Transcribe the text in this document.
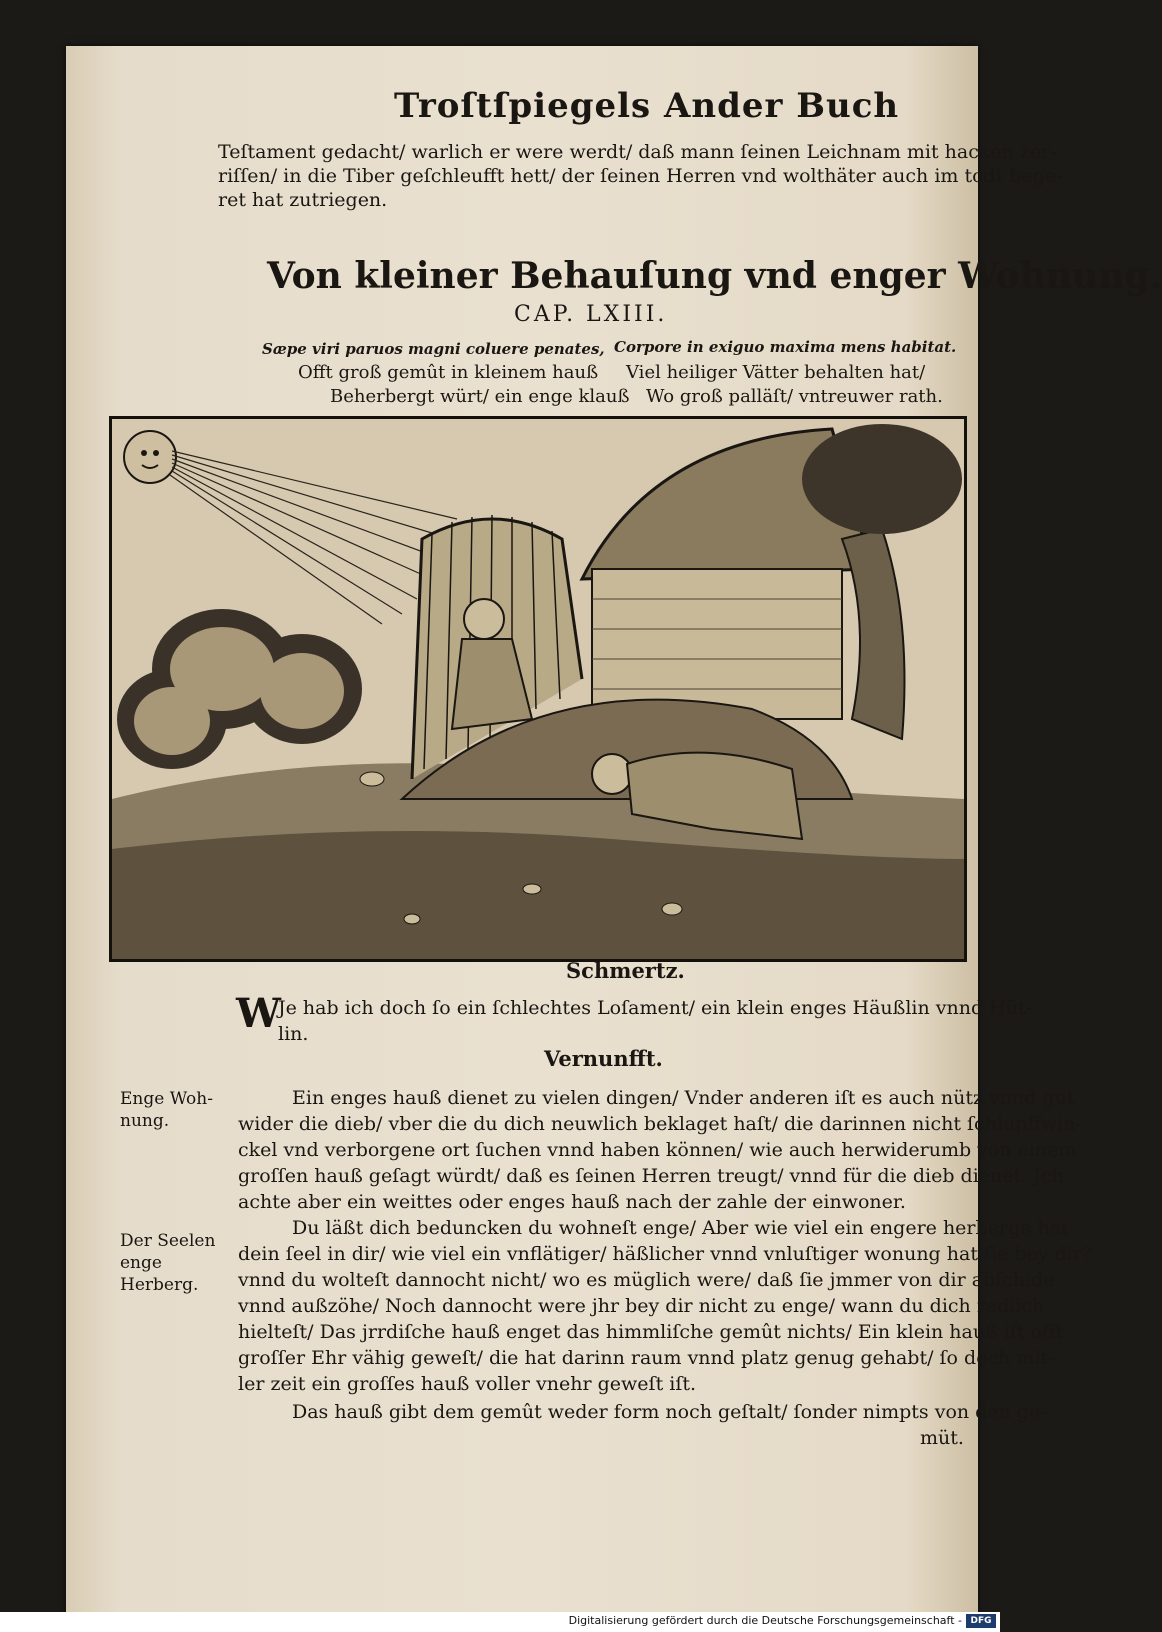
Troſtſpiegels Ander Buch
Teſtament gedacht/ warlich er were werdt/ daß mann ſeinen Leichnam mit hacken zer-
riſſen/ in die Tiber geſchleufft hett/ der ſeinen Herren vnd wolthäter auch im todt bege-
ret hat zutriegen.
Von kleiner Behauſung vnd enger Wohnung.
CAP. LXIII.
Sæpe viri paruos magni coluere penates,
Offt groß gemût in kleinem hauß
Beherbergt würt/ ein enge klauß
Corpore in exiguo maxima mens habitat.
Viel heiliger Vätter behalten hat/
Wo groß palläſt/ vntreuwer rath.
Schmertz.
W
Je hab ich doch ſo ein ſchlechtes Loſament/ ein klein enges Häußlin vnnd Hüt-
lin.
Vernunfft.
Enge Woh- nung.
Der Seelen enge Herberg.
Ein enges hauß dienet zu vielen dingen/ Vnder anderen iſt es auch nütz vnnd gut
wider die dieb/ vber die du dich neuwlich beklaget haſt/ die darinnen nicht ſchlupffwin-
ckel vnd verborgene ort ſuchen vnnd haben können/ wie auch herwiderumb von einem
groſſen hauß geſagt würdt/ daß es ſeinen Herren treugt/ vnnd für die dieb dienet. Jch
achte aber ein weittes oder enges hauß nach der zahle der einwoner.
Du läßt dich beduncken du wohneſt enge/ Aber wie viel ein engere herberge hat
dein ſeel in dir/ wie viel ein vnflätiger/ häßlicher vnnd vnluſtiger wonung hat ſie bey dir?
vnnd du wolteſt dannocht nicht/ wo es müglich were/ daß ſie jmmer von dir abſchide
vnnd außzöhe/ Noch dannocht were jhr bey dir nicht zu enge/ wann du dich redlich
hielteſt/ Das jrrdiſche hauß enget das himmliſche gemût nichts/ Ein klein hauß iſt offt
groſſer Ehr vähig geweſt/ die hat darinn raum vnnd platz genug gehabt/ ſo doch mit-
ler zeit ein groſſes hauß voller vnehr geweſt iſt.
Das hauß gibt dem gemût weder form noch geſtalt/ ſonder nimpts von den ge-
müt.
Digitalisierung gefördert durch die Deutsche Forschungsgemeinschaft - DFG
